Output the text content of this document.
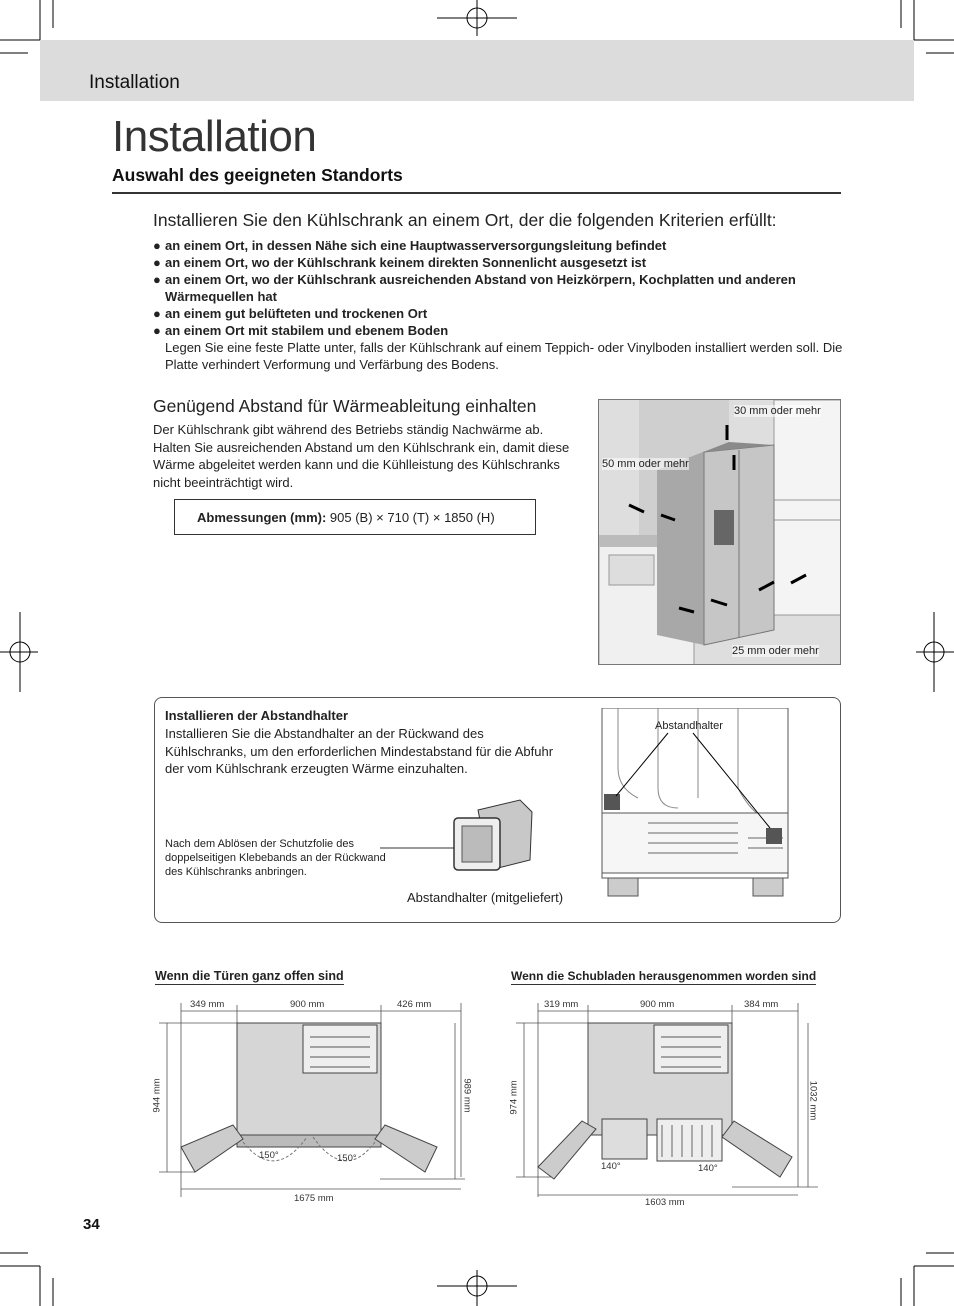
Installation
Installation
Auswahl des geeigneten Standorts
Installieren Sie den Kühlschrank an einem Ort, der die folgenden Kriterien erfüllt:
● an einem Ort, in dessen Nähe sich eine Hauptwasserversorgungsleitung befindet
● an einem Ort, wo der Kühlschrank keinem direkten Sonnenlicht ausgesetzt ist
● an einem Ort, wo der Kühlschrank ausreichenden Abstand von Heizkörpern, Kochplatten und anderen Wärmequellen hat
● an einem gut belüfteten und trockenen Ort
● an einem Ort mit stabilem und ebenem Boden
Legen Sie eine feste Platte unter, falls der Kühlschrank auf einem Teppich- oder Vinylboden installiert werden soll. Die Platte verhindert Verformung und Verfärbung des Bodens.
Genügend Abstand für Wärmeableitung einhalten
Der Kühlschrank gibt während des Betriebs ständig Nachwärme ab. Halten Sie ausreichenden Abstand um den Kühlschrank ein, damit diese Wärme abgeleitet werden kann und die Kühlleistung des Kühlschranks nicht beeinträchtigt wird.
Abmessungen (mm): 905 (B) × 710 (T) × 1850 (H)
30 mm oder mehr
50 mm oder mehr
25 mm oder mehr
Installieren der Abstandhalter
Installieren Sie die Abstandhalter an der Rückwand des Kühlschranks, um den erforderlichen Mindestabstand für die Abfuhr der vom Kühlschrank erzeugten Wärme einzuhalten.
Nach dem Ablösen der Schutzfolie des doppelseitigen Klebebands an der Rückwand des Kühlschranks anbringen.
Abstandhalter (mitgeliefert)
Abstandhalter
Wenn die Türen ganz offen sind
349 mm	900 mm	426 mm
944 mm	989 mm
1675 mm
150°	150°
Wenn die Schubladen herausgenommen worden sind
319 mm	900 mm	384 mm
974 mm	1032 mm
1603 mm
140°	140°
34
